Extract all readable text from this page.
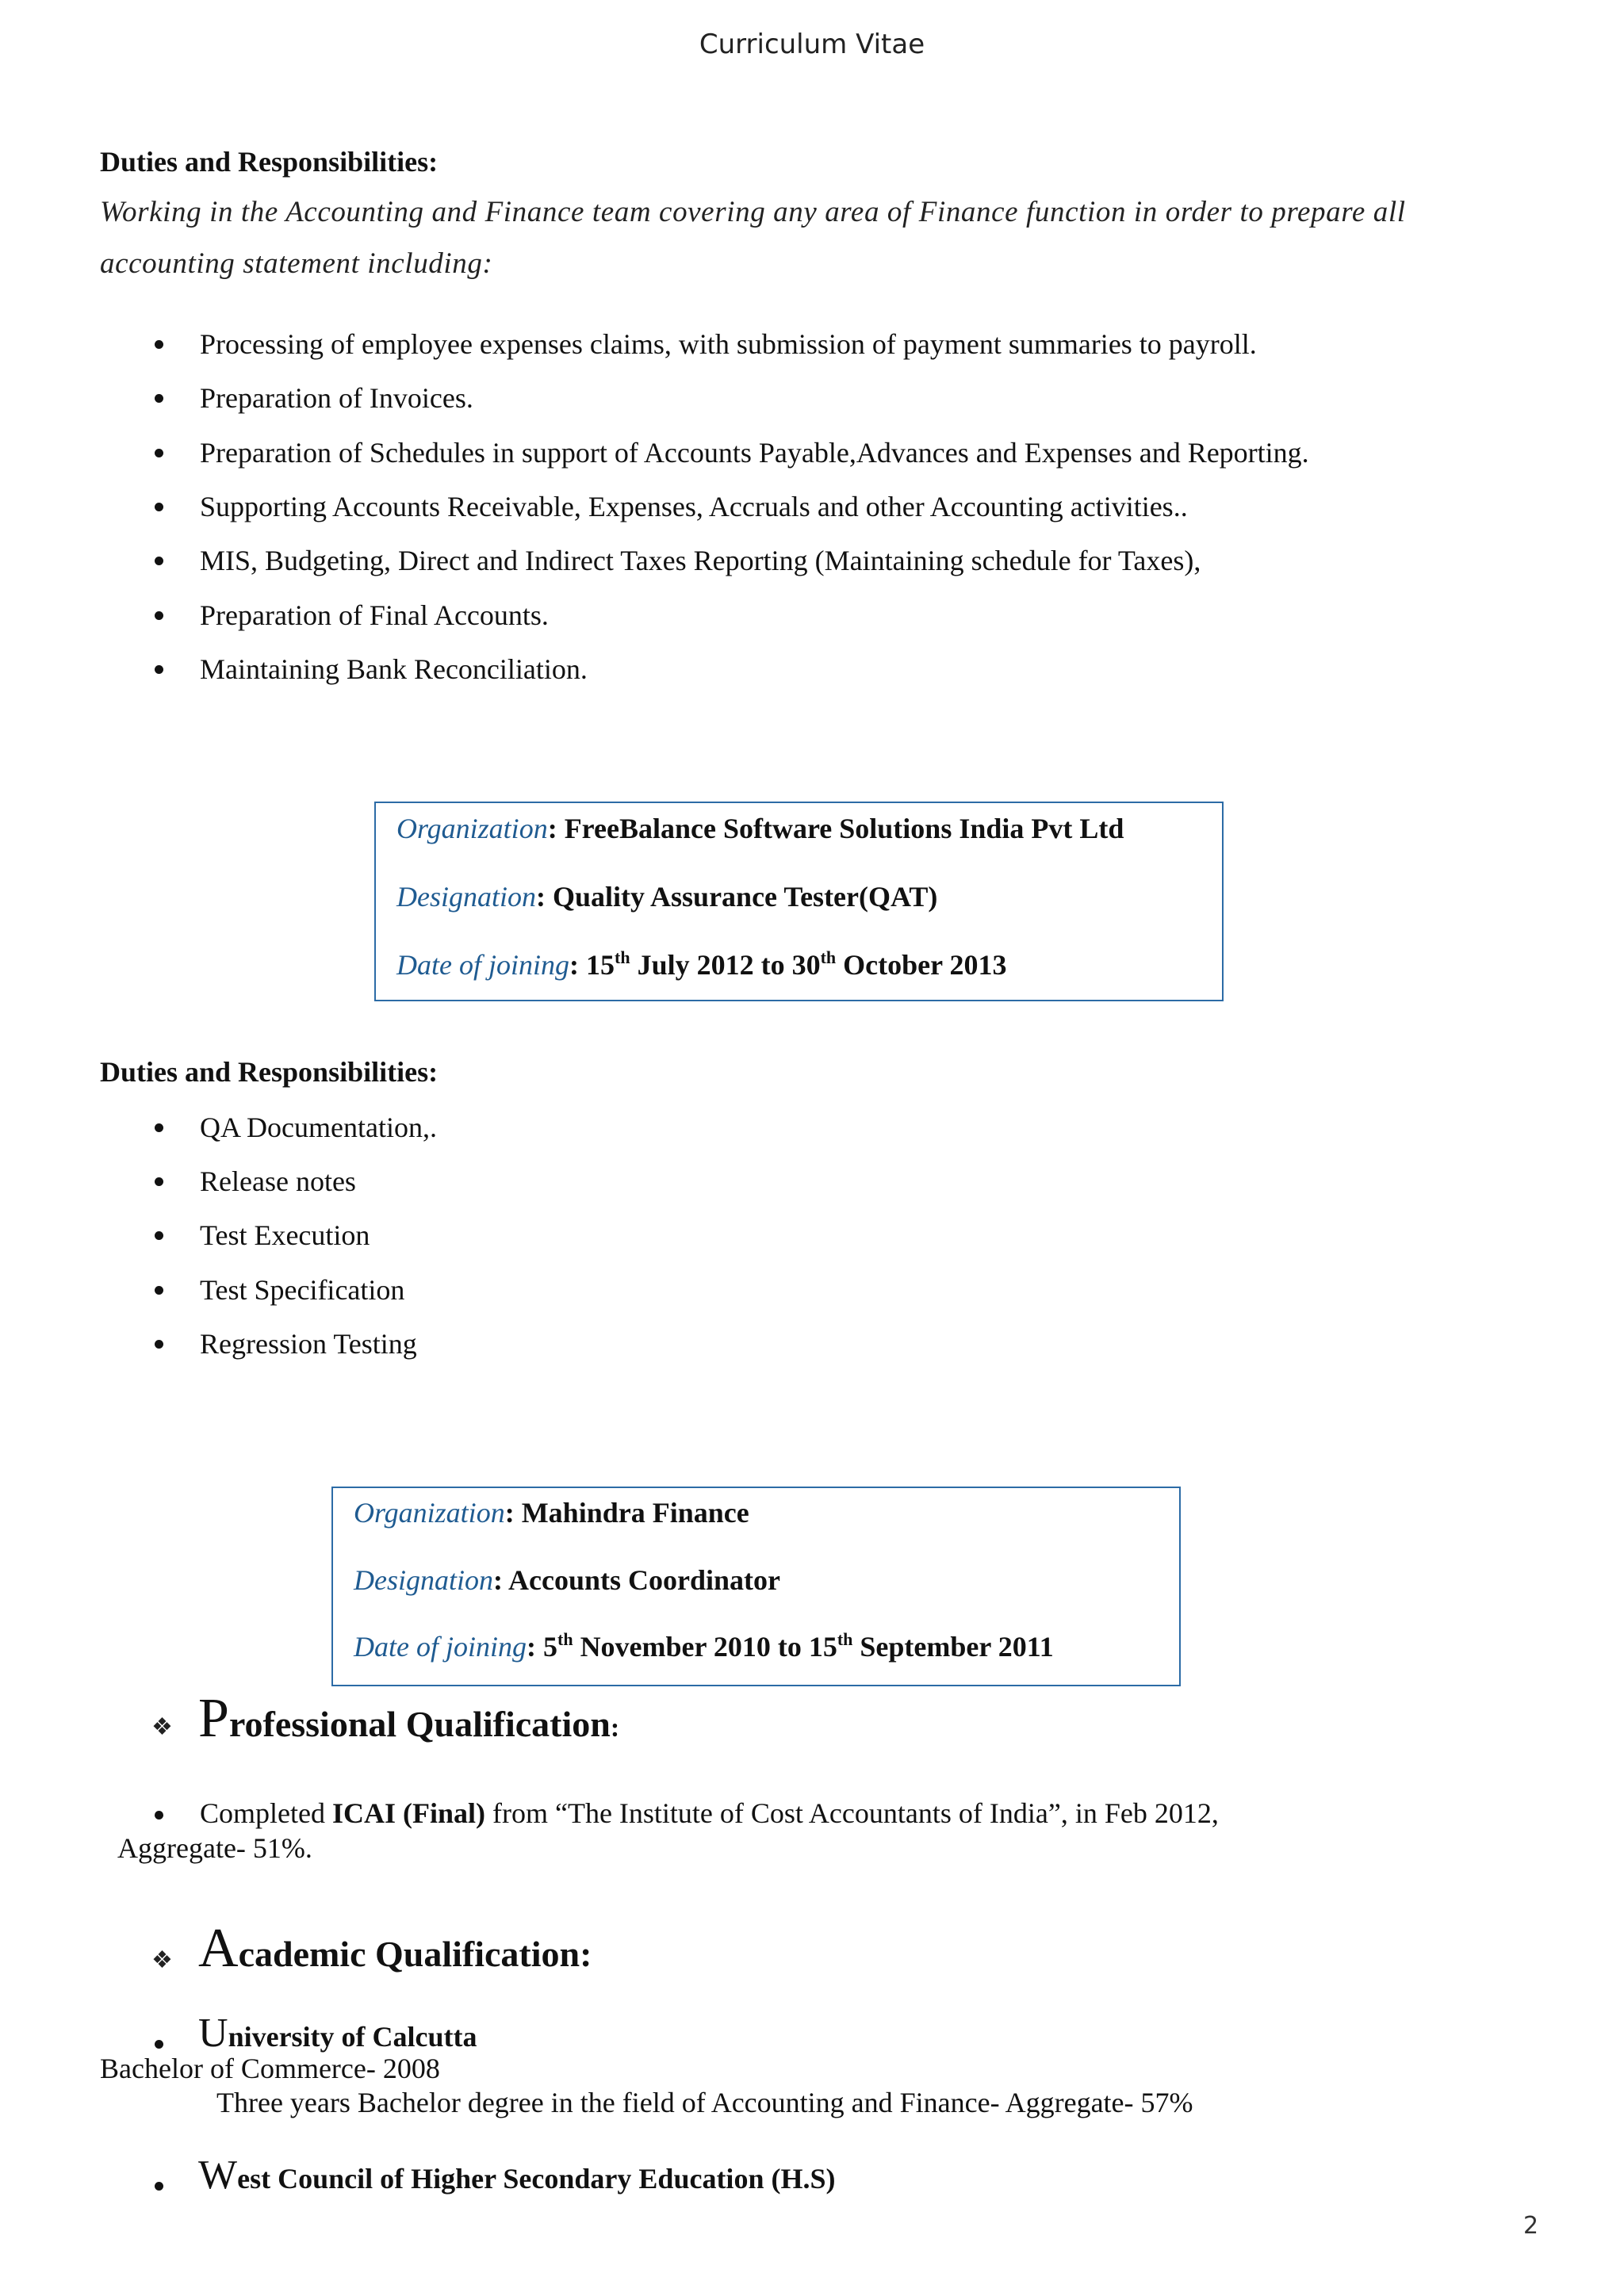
Curriculum Vitae
Duties and Responsibilities:
Working in the Accounting and Finance team covering any area of Finance function in order to prepare all
accounting statement including:
Processing of employee expenses claims, with submission of payment summaries to payroll.
Preparation of Invoices.
Preparation of Schedules in support of Accounts Payable,Advances and Expenses and Reporting.
Supporting Accounts Receivable, Expenses, Accruals and other Accounting activities..
MIS, Budgeting, Direct and Indirect Taxes Reporting (Maintaining schedule for Taxes),
Preparation of Final Accounts.
Maintaining Bank Reconciliation.
Organization: FreeBalance Software Solutions India Pvt Ltd
Designation: Quality Assurance Tester(QAT)
Date of joining: 15th July 2012 to 30th October 2013
Duties and Responsibilities:
QA Documentation,.
Release notes
Test Execution
Test Specification
Regression Testing
Organization: Mahindra Finance
Designation: Accounts Coordinator
Date of joining: 5th November 2010 to 15th September 2011
❖ Professional Qualification:
Completed ICAI (Final) from “The Institute of Cost Accountants of India”, in Feb 2012,
Aggregate- 51%.
❖ Academic Qualification:
University of Calcutta
Bachelor of Commerce- 2008
Three years Bachelor degree in the field of Accounting and Finance- Aggregate- 57%
West Council of Higher Secondary Education (H.S)
2
